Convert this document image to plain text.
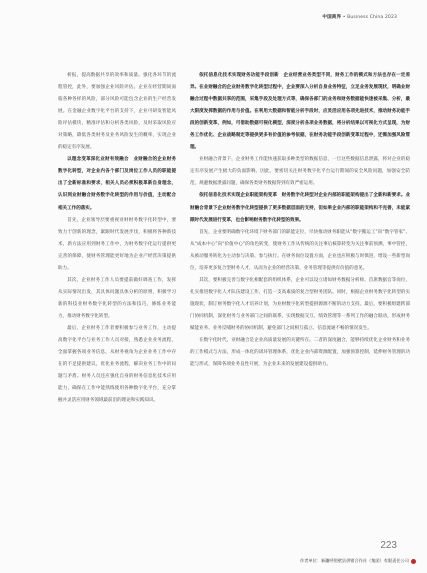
中国商界 • Business China 2023

析报，提高数据共享的效率和质量。强化各环节的流程管控，此外，要加强企业风险评估。企业在经营期间面临各种各样的风险，部分风险可能包含企业的生产经营发展。在金融企业数字化平台的支持下，企业可研发智能风险评估模块，精准评估和分析各类风险，及时采取风险应对策略，降低各类财务及业务风险发生的概率，实现企业的稳定有序发展。

以理念变革深化业财有效融合　业财融合的企业财务数字化转型，对企业内各个部门及岗位工作人员的职能提出了全新标准和要求，相关人员必须积极革新自身理念，认识到业财融合财务数字化转型的作用与价值，主动配合相关工作的落实。

首先，企业领导层要重视业财财务数字化转型中，要致力于创新的理念，紧跟时代发展步伐，积极将各种新技术、新方法应用到财务工作中，为财务数字化运行提供更完善的保障，使财务管理能更好地为企业产经营决策提供助力。

其次，企业财务工作人员要提前做好调查工作，发挥从实际情况出发，其具体问题具体分析的原则，积极学习新的科技业财务数字化转型的方法和技巧，修炼业务能力，推动财务数字化转型。

最后，企业财务工作者要积极参与业务工作，主动提高数字化平台与业务工作人员对接，熟悉企业业务流程，全面掌握各项业务信息，从财务视角为企业业务工作中存在的不足提供建议，优化业务流程，解决业务工作中的问题与矛盾。财务人员还应强化自身的财务信息化技术应用能力，确保在工作中能熟练使用各种数字化平台，充分掌握并灵活应用财务领域最前沿的理论和实践知识。

依托信息化技术实现财务功能手段创新　企业经营业务类型不同，财务工作的模式和方法也存在一定差异。在业财融合的企业财务数字化转型过程中，企业要深入分析自身业务特征，立足业务发展现状，明确业财融合过程中数据共享的范围，采集手段及处理方式等，确保各部门的业务和财务数据能快速被采集、分析，最大限度发挥数据的作用与价值。在利用大数据和智能分析手段时，应灵活应用各项先进技术，推动财务功能手段的创新变革，例如，可借助数据可视化模型，深度分析各项业务数据，将分析结果以可视化方式呈现，为财务工作优化、企业战略制定等提供更多有价值的参考依据，在财务功能手段创新变革过程中，还需加强风险管理。

业财融合背景下，企业财务工作能快速获取多种类型的数据信息，一旦这些数据信息泄露，将对企业的稳定有序发展产生极大的负面影响。因此，要密切关注财务数字化平台运行期间的安全风险问题，加强安全防范，规避数据泄露问题，确保各类财务数据得到有效严密运用。

依托信息化技术实现企业职能架构变革　财务数字化转型对企业内部的职能架构提出了全新和新要求。业财融合背景下企业财务数字化转型提供了更多数据层面的支持，但如果企业内部的职能架构和不完善，未能紧跟时代发展进行变革，也会影响财务数字化转型的效果。

首先，企业要明确数字化环境下财务部门的职能定位，尽快推动财务职能从“数字搬运工”向“数字管家”、从“成本中心”向“价值中心”的角色转变，使财务工作从传统的关注事后核算转变为关注事前预测、事中管控，从被动服务转化为主动参与决策、参与执行。在财务岗位设置方面，企业也应积极与时俱进，增设一些新型岗位，培养更多复合型财务人才，从而为企业的经营决策、业务管理等提供有价值的意见。

其次，要积极完善与数字化相配套的组织体系，企业可以设立诸如财务数据分析师、首席数据官等岗位，扎实推进数字化人才队伍建设工作，打造一支高素质的复合型财务团队。同时，根据企业财务数字化转型的实施现状，制订财务数字化人才培养计划，为业财数字化转型提供源源不断的动力支持。最后，要积极组建跨部门协同机制，深化财务与业务部门之间的联系，实现数据交互，绩效管理等一系列工作的融合联动，形成财务赋能业务、业务反哺财务的协同机制，避免部门之间相互孤立、信息流通不畅的情况发生。

在数字化时代，业财融合是企业高质量发展的关键所在。二者的深度融合，能够持续优化企业财务和业务的工作模式与方法，形成一体化的闭环管理体系，优化企业内部资源配置，加强预算控制，延伸财务管理的功能与形式，保障各项业务良性开展，为企业未来的发展建设提供助力。

作者单位：新疆呼图壁县供销合作社（集团）有限责任公司
223
